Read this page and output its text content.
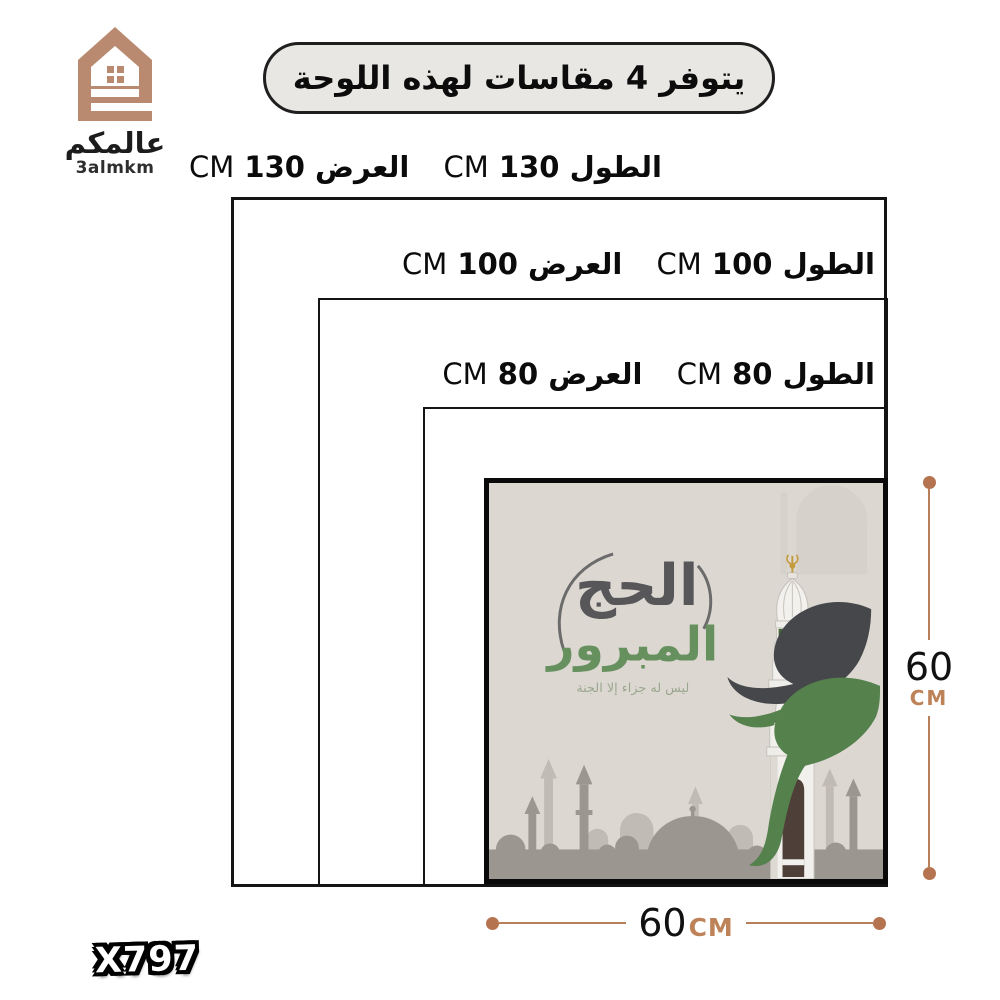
عالمكم
3almkm
يتوفر 4 مقاسات لهذه اللوحة
الطول 130 CM  العرض 130 CM
الطول 100 CM  العرض 100 CM
الطول 80 CM  العرض 80 CM
الحج
المبرور
ليس له جزاء إلا الجنة	60
CM
60 CM
X797
